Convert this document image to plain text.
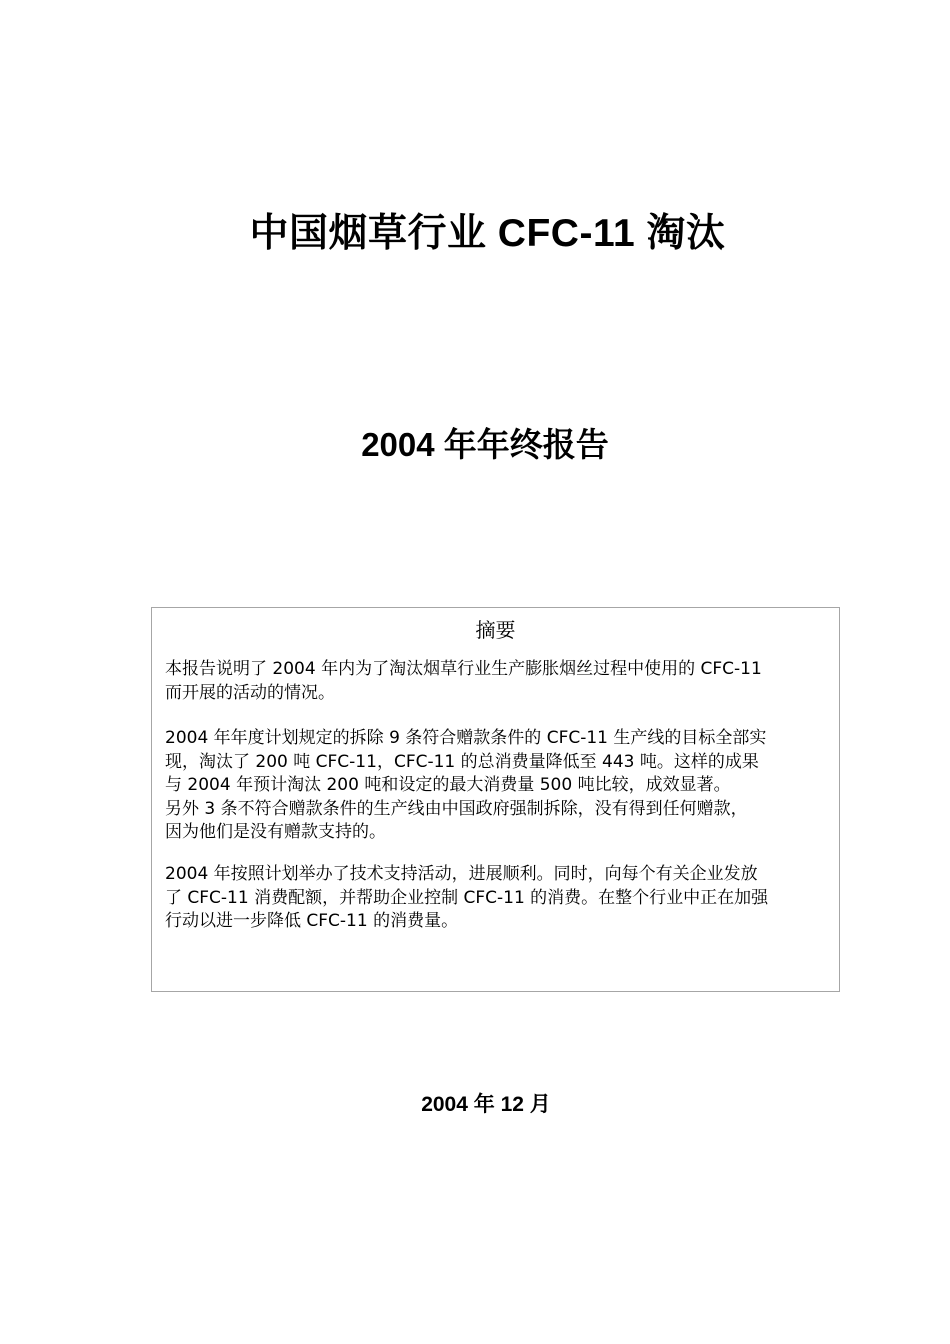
中国烟草行业 CFC-11 淘汰
2004 年年终报告
摘要

本报告说明了 2004 年内为了淘汰烟草行业生产膨胀烟丝过程中使用的 CFC-11
而开展的活动的情况。

2004 年年度计划规定的拆除 9 条符合赠款条件的 CFC-11 生产线的目标全部实
现，淘汰了 200 吨 CFC-11，CFC-11 的总消费量降低至 443 吨。这样的成果
与 2004 年预计淘汰 200 吨和设定的最大消费量 500 吨比较，成效显著。
另外 3 条不符合赠款条件的生产线由中国政府强制拆除，没有得到任何赠款，
因为他们是没有赠款支持的。

2004 年按照计划举办了技术支持活动，进展顺利。同时，向每个有关企业发放
了 CFC-11 消费配额，并帮助企业控制 CFC-11 的消费。在整个行业中正在加强
行动以进一步降低 CFC-11 的消费量。

2004 年 12 月
